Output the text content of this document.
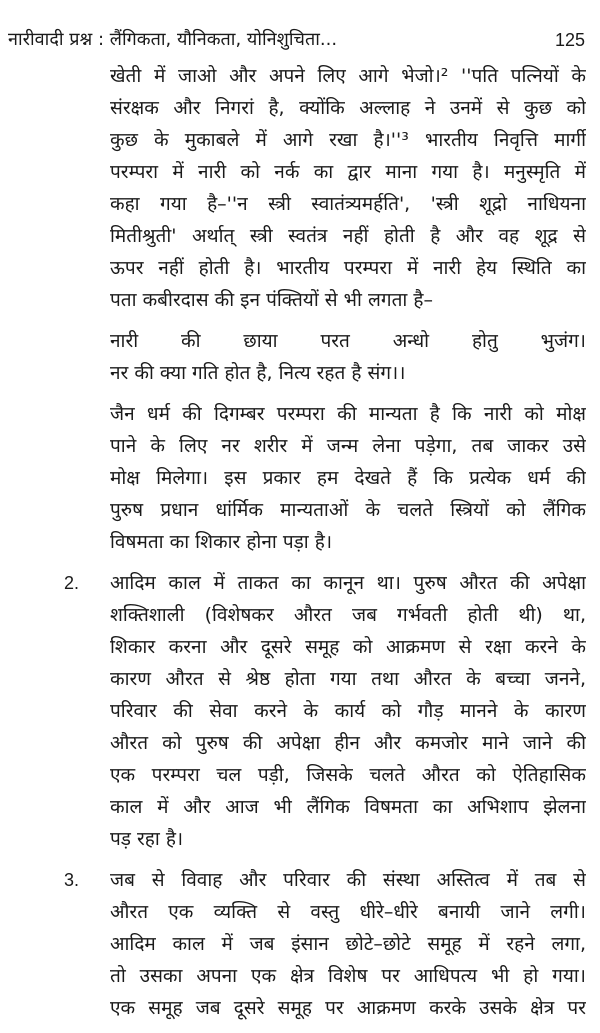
नारीवादी प्रश्न : लैंगिकता, यौनिकता, योनिशुचिता...	125
खेती में जाओ और अपने लिए आगे भेजो।² ''पति पत्नियों के
संरक्षक और निगरां है, क्योंकि अल्लाह ने उनमें से कुछ को
कुछ के मुकाबले में आगे रखा है।''³ भारतीय निवृत्ति मार्गी
परम्परा में नारी को नर्क का द्वार माना गया है। मनुस्मृति में
कहा गया है–''न स्त्री स्वातंत्र्यमर्हति', 'स्त्री शूद्रो नाधियना
मितीश्रुती' अर्थात् स्त्री स्वतंत्र नहीं होती है और वह शूद्र से
ऊपर नहीं होती है। भारतीय परम्परा में नारी हेय स्थिति का
पता कबीरदास की इन पंक्तियों से भी लगता है–
नारी की छाया परत अन्धो होतु भुजंग।
नर की क्या गति होत है, नित्य रहत है संग।।
जैन धर्म की दिगम्बर परम्परा की मान्यता है कि नारी को मोक्ष
पाने के लिए नर शरीर में जन्म लेना पड़ेगा, तब जाकर उसे
मोक्ष मिलेगा। इस प्रकार हम देखते हैं कि प्रत्येक धर्म की
पुरुष प्रधान धांर्मिक मान्यताओं के चलते स्त्रियों को लैंगिक
विषमता का शिकार होना पड़ा है।
2. आदिम काल में ताकत का कानून था। पुरुष औरत की अपेक्षा
शक्तिशाली (विशेषकर औरत जब गर्भवती होती थी) था,
शिकार करना और दूसरे समूह को आक्रमण से रक्षा करने के
कारण औरत से श्रेष्ठ होता गया तथा औरत के बच्चा जनने,
परिवार की सेवा करने के कार्य को गौड़ मानने के कारण
औरत को पुरुष की अपेक्षा हीन और कमजोर माने जाने की
एक परम्परा चल पड़ी, जिसके चलते औरत को ऐतिहासिक
काल में और आज भी लैंगिक विषमता का अभिशाप झेलना
पड़ रहा है।
3. जब से विवाह और परिवार की संस्था अस्तित्व में तब से
औरत एक व्यक्ति से वस्तु धीरे–धीरे बनायी जाने लगी।
आदिम काल में जब इंसान छोटे–छोटे समूह में रहने लगा,
तो उसका अपना एक क्षेत्र विशेष पर आधिपत्य भी हो गया।
एक समूह जब दूसरे समूह पर आक्रमण करके उसके क्षेत्र पर
